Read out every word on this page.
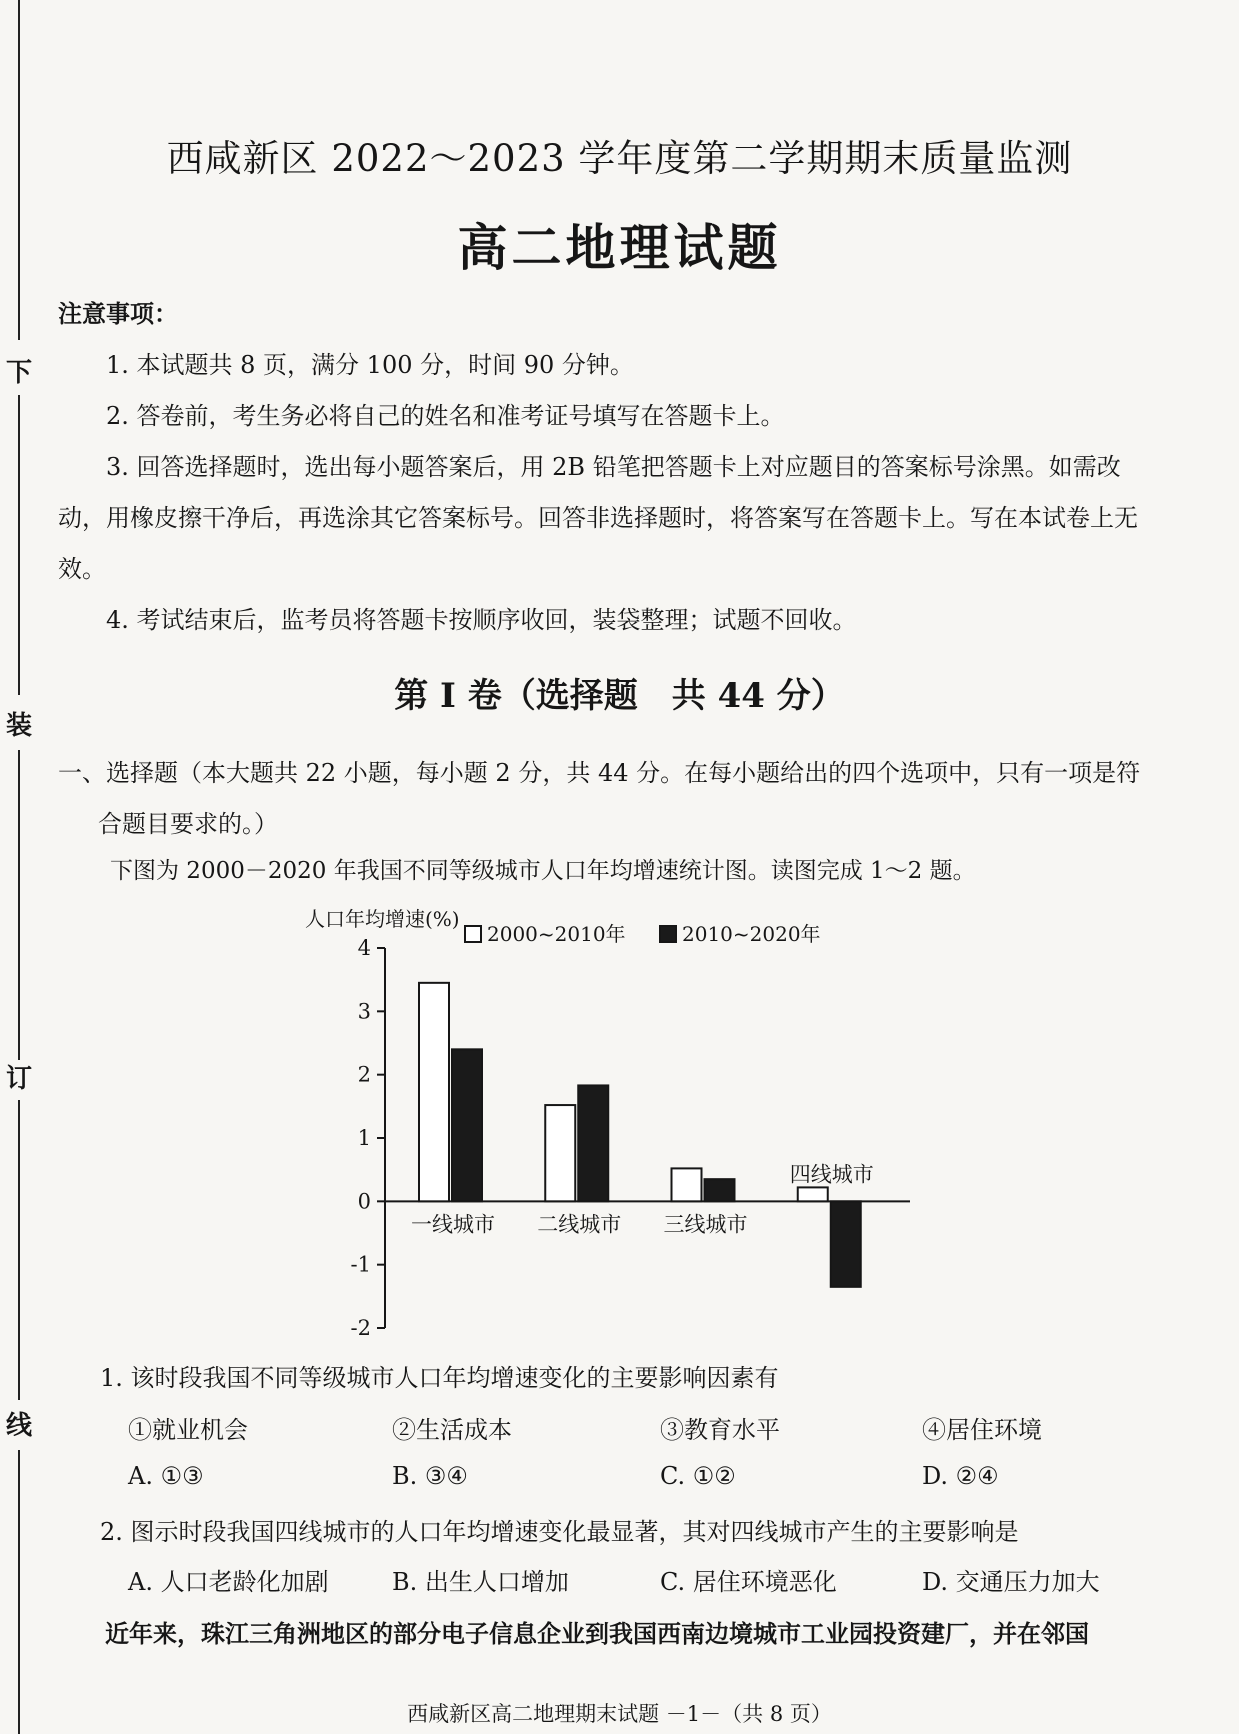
下
装
订
线
西咸新区 2022～2023 学年度第二学期期末质量监测
高二地理试题
注意事项：
1. 本试题共 8 页，满分 100 分，时间 90 分钟。
2. 答卷前，考生务必将自己的姓名和准考证号填写在答题卡上。
3. 回答选择题时，选出每小题答案后，用 2B 铅笔把答题卡上对应题目的答案标号涂黑。如需改动，用橡皮擦干净后，再选涂其它答案标号。回答非选择题时，将答案写在答题卡上。写在本试卷上无效。
4. 考试结束后，监考员将答题卡按顺序收回，装袋整理；试题不回收。
第 Ⅰ 卷（选择题　共 44 分）
一、选择题（本大题共 22 小题，每小题 2 分，共 44 分。在每小题给出的四个选项中，只有一项是符
合题目要求的。）
下图为 2000－2020 年我国不同等级城市人口年均增速统计图。读图完成 1～2 题。
人口年均增速(%)
-2
-1
0
1
2
3
4
一线城市 二线城市 三线城市
四线城市
2000~2010年	2010~2020年
1. 该时段我国不同等级城市人口年均增速变化的主要影响因素有
①就业机会	②生活成本	③教育水平	④居住环境
A. ①③	B. ③④	C. ①②	D. ②④
2. 图示时段我国四线城市的人口年均增速变化最显著，其对四线城市产生的主要影响是
A. 人口老龄化加剧	B. 出生人口增加	C. 居住环境恶化	D. 交通压力加大
近年来，珠江三角洲地区的部分电子信息企业到我国西南边境城市工业园投资建厂，并在邻国
西咸新区高二地理期末试题 －1－（共 8 页）
